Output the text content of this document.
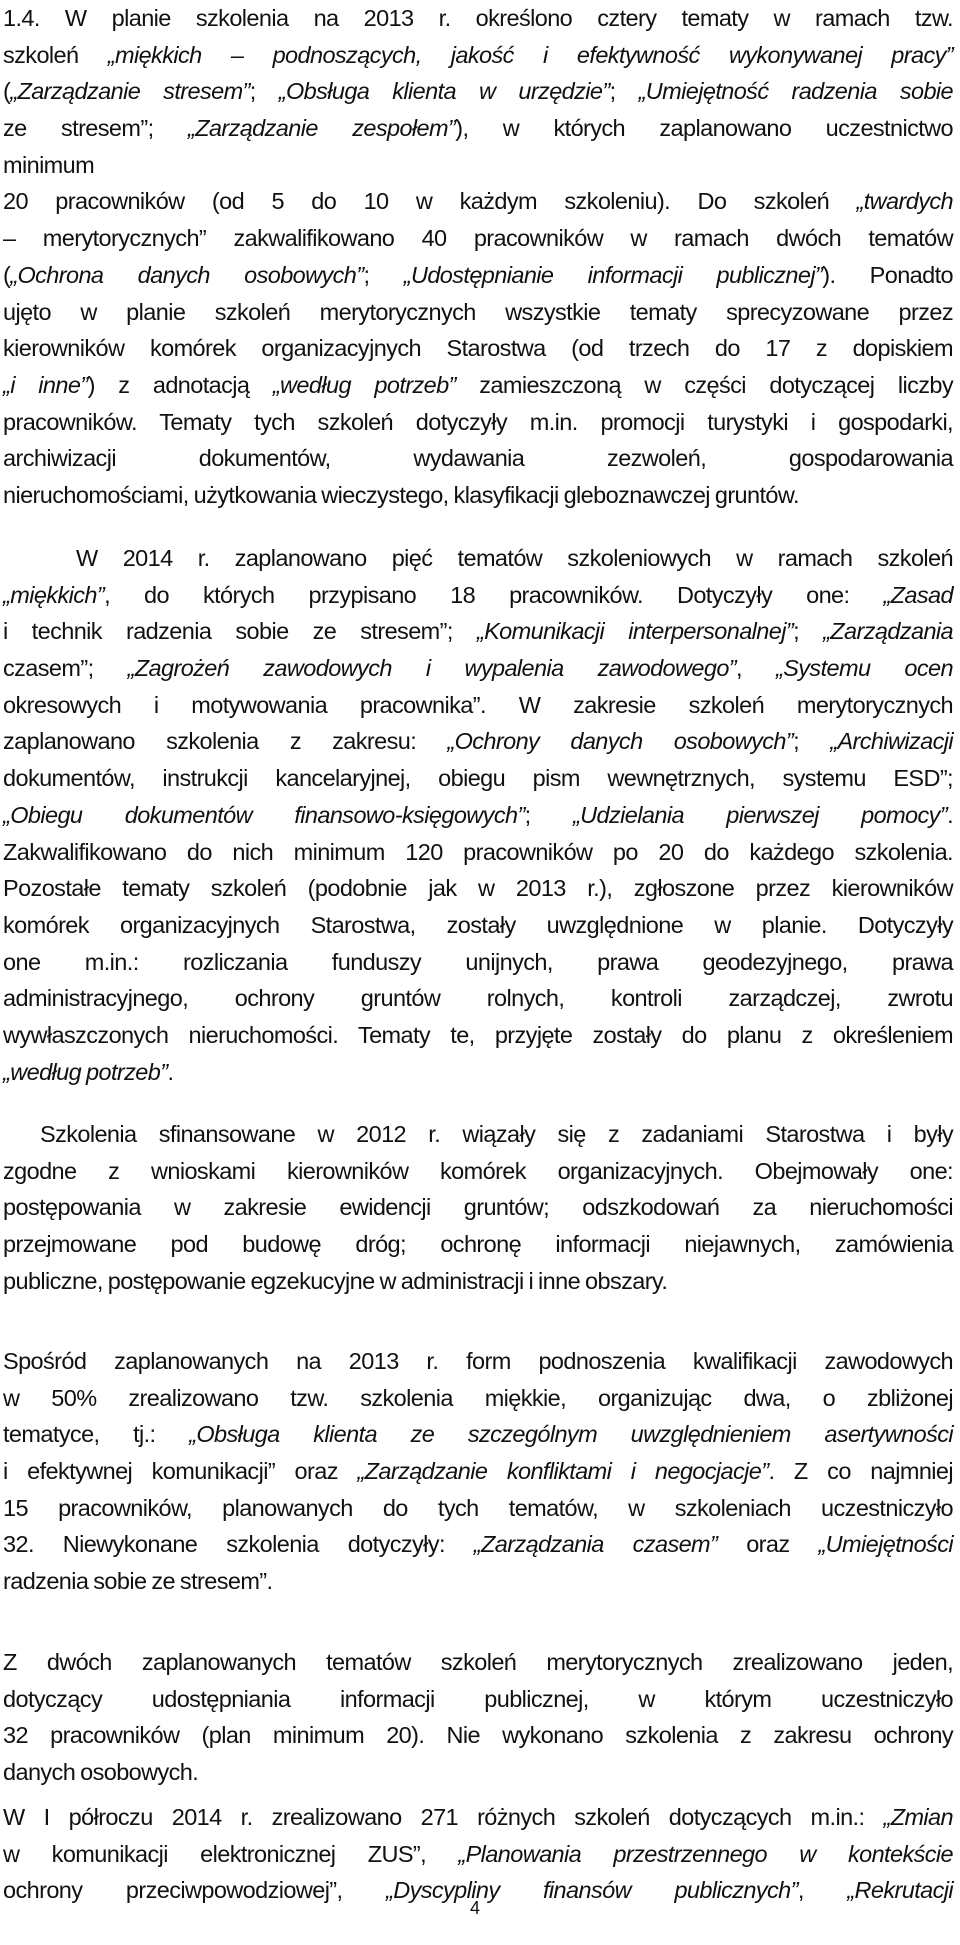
1.4. W planie szkolenia na 2013 r. określono cztery tematy w ramach tzw.
szkoleń „miękkich – podnoszących, jakość i efektywność wykonywanej pracy”
(„Zarządzanie stresem”; „Obsługa klienta w urzędzie”; „Umiejętność radzenia sobie
ze stresem”; „Zarządzanie zespołem”), w których zaplanowano uczestnictwo
minimum
20 pracowników (od 5 do 10 w każdym szkoleniu). Do szkoleń „twardych
– merytorycznych” zakwalifikowano 40 pracowników w ramach dwóch tematów
(„Ochrona danych osobowych”; „Udostępnianie informacji publicznej”). Ponadto
ujęto w planie szkoleń merytorycznych wszystkie tematy sprecyzowane przez
kierowników komórek organizacyjnych Starostwa (od trzech do 17 z dopiskiem
„i inne”) z adnotacją „według potrzeb” zamieszczoną w części dotyczącej liczby
pracowników. Tematy tych szkoleń dotyczyły m.in. promocji turystyki i gospodarki,
archiwizacji dokumentów, wydawania zezwoleń, gospodarowania
nieruchomościami, użytkowania wieczystego, klasyfikacji gleboznawczej gruntów.
W 2014 r. zaplanowano pięć tematów szkoleniowych w ramach szkoleń
„miękkich”, do których przypisano 18 pracowników. Dotyczyły one: „Zasad
i technik radzenia sobie ze stresem”; „Komunikacji interpersonalnej”; „Zarządzania
czasem”; „Zagrożeń zawodowych i wypalenia zawodowego”, „Systemu ocen
okresowych i motywowania pracownika”. W zakresie szkoleń merytorycznych
zaplanowano szkolenia z zakresu: „Ochrony danych osobowych”; „Archiwizacji
dokumentów, instrukcji kancelaryjnej, obiegu pism wewnętrznych, systemu ESD”;
„Obiegu dokumentów finansowo-księgowych”; „Udzielania pierwszej pomocy”.
Zakwalifikowano do nich minimum 120 pracowników po 20 do każdego szkolenia.
Pozostałe tematy szkoleń (podobnie jak w 2013 r.), zgłoszone przez kierowników
komórek organizacyjnych Starostwa, zostały uwzględnione w planie. Dotyczyły
one m.in.: rozliczania funduszy unijnych, prawa geodezyjnego, prawa
administracyjnego, ochrony gruntów rolnych, kontroli zarządczej, zwrotu
wywłaszczonych nieruchomości. Tematy te, przyjęte zostały do planu z określeniem
„według potrzeb”.
Szkolenia sfinansowane w 2012 r. wiązały się z zadaniami Starostwa i były
zgodne z wnioskami kierowników komórek organizacyjnych. Obejmowały one:
postępowania w zakresie ewidencji gruntów; odszkodowań za nieruchomości
przejmowane pod budowę dróg; ochronę informacji niejawnych, zamówienia
publiczne, postępowanie egzekucyjne w administracji i inne obszary.
Spośród zaplanowanych na 2013 r. form podnoszenia kwalifikacji zawodowych
w 50% zrealizowano tzw. szkolenia miękkie, organizując dwa, o zbliżonej
tematyce, tj.: „Obsługa klienta ze szczególnym uwzględnieniem asertywności
i efektywnej komunikacji” oraz „Zarządzanie konfliktami i negocjacje”. Z co najmniej
15 pracowników, planowanych do tych tematów, w szkoleniach uczestniczyło
32. Niewykonane szkolenia dotyczyły: „Zarządzania czasem” oraz „Umiejętności
radzenia sobie ze stresem”.
Z dwóch zaplanowanych tematów szkoleń merytorycznych zrealizowano jeden,
dotyczący udostępniania informacji publicznej, w którym uczestniczyło
32 pracowników (plan minimum 20). Nie wykonano szkolenia z zakresu ochrony
danych osobowych.
W I półroczu 2014 r. zrealizowano 271 różnych szkoleń dotyczących m.in.: „Zmian
w komunikacji elektronicznej ZUS”, „Planowania przestrzennego w kontekście
ochrony przeciwpowodziowej”, „Dyscypliny finansów publicznych”, „Rekrutacji
4
